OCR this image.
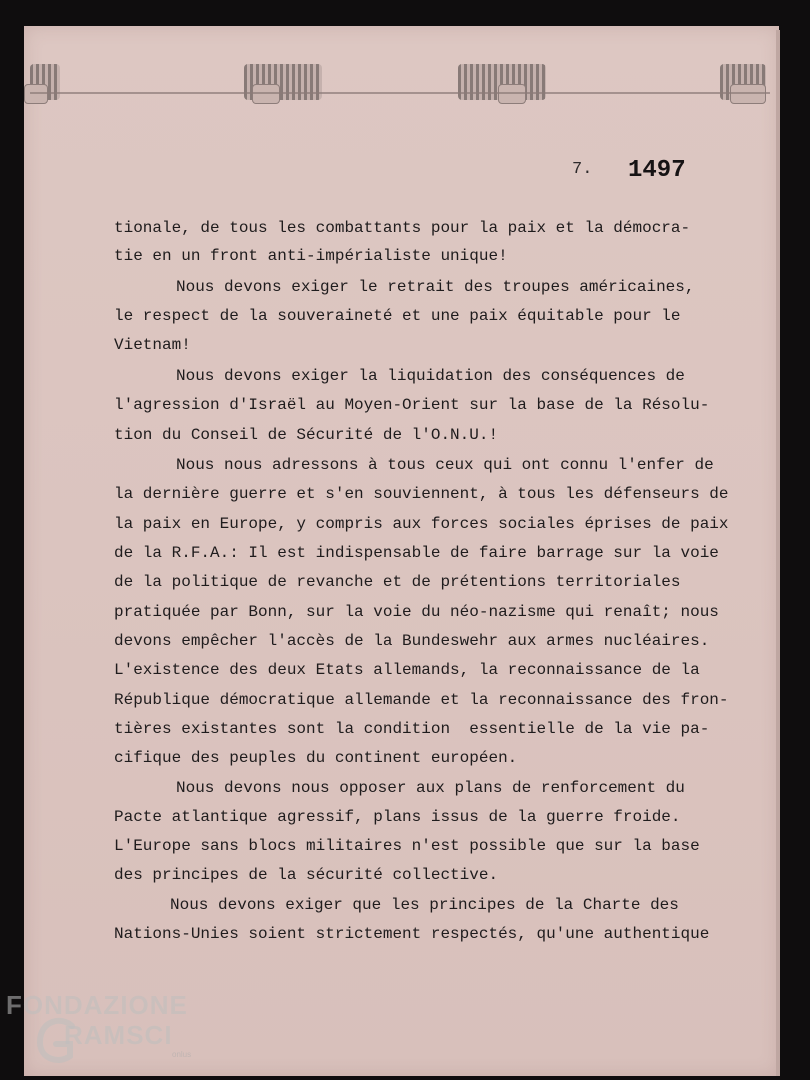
7. 1497
tionale, de tous les combattants pour la paix et la démocra-
tie en un front anti-impérialiste unique!
Nous devons exiger le retrait des troupes américaines,
le respect de la souveraineté et une paix équitable pour le
Vietnam!
Nous devons exiger la liquidation des conséquences de
l'agression d'Israël au Moyen-Orient sur la base de la Résolu-
tion du Conseil de Sécurité de l'O.N.U.!
Nous nous adressons à tous ceux qui ont connu l'enfer de
la dernière guerre et s'en souviennent, à tous les défenseurs de
la paix en Europe, y compris aux forces sociales éprises de paix
de la R.F.A.: Il est indispensable de faire barrage sur la voie
de la politique de revanche et de prétentions territoriales
pratiquée par Bonn, sur la voie du néo-nazisme qui renaît; nous
devons empêcher l'accès de la Bundeswehr aux armes nucléaires.
L'existence des deux Etats allemands, la reconnaissance de la
République démocratique allemande et la reconnaissance des fron-
tières existantes sont la condition  essentielle de la vie pa-
cifique des peuples du continent européen.
Nous devons nous opposer aux plans de renforcement du
Pacte atlantique agressif, plans issus de la guerre froide.
L'Europe sans blocs militaires n'est possible que sur la base
des principes de la sécurité collective.
Nous devons exiger que les principes de la Charte des
Nations-Unies soient strictement respectés, qu'une authentique
FONDAZIONE
RAMSCI
onlus
